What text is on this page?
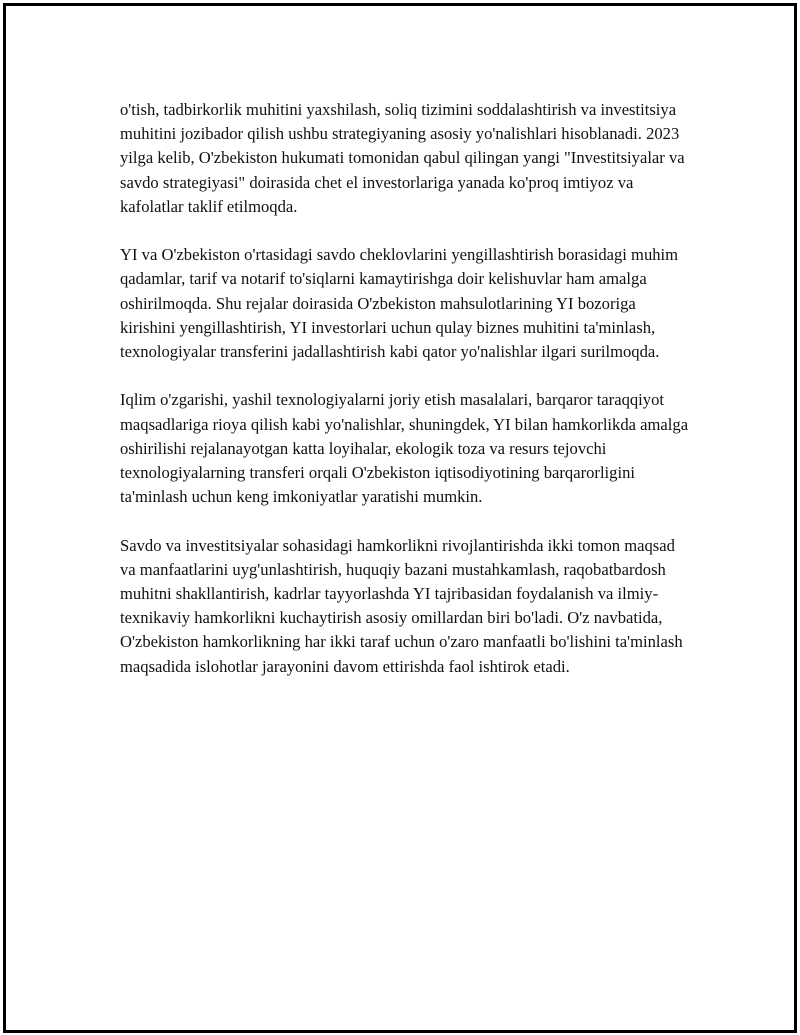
o'tish, tadbirkorlik muhitini yaxshilash, soliq tizimini soddalashtirish va investitsiya muhitini jozibador qilish ushbu strategiyaning asosiy yo'nalishlari hisoblanadi. 2023 yilga kelib, O'zbekiston hukumati tomonidan qabul qilingan yangi "Investitsiyalar va savdo strategiyasi" doirasida chet el investorlariga yanada ko'proq imtiyoz va kafolatlar taklif etilmoqda.

YI va O'zbekiston o'rtasidagi savdo cheklovlarini yengillashtirish borasidagi muhim qadamlar, tarif va notarif to'siqlarni kamaytirishga doir kelishuvlar ham amalga oshirilmoqda. Shu rejalar doirasida O'zbekiston mahsulotlarining YI bozoriga kirishini yengillashtirish, YI investorlari uchun qulay biznes muhitini ta'minlash, texnologiyalar transferini jadallashtirish kabi qator yo'nalishlar ilgari surilmoqda.

Iqlim o'zgarishi, yashil texnologiyalarni joriy etish masalalari, barqaror taraqqiyot maqsadlariga rioya qilish kabi yo'nalishlar, shuningdek, YI bilan hamkorlikda amalga oshirilishi rejalanayotgan katta loyihalar, ekologik toza va resurs tejovchi texnologiyalarning transferi orqali O'zbekiston iqtisodiyotining barqarorligini ta'minlash uchun keng imkoniyatlar yaratishi mumkin.

Savdo va investitsiyalar sohasidagi hamkorlikni rivojlantirishda ikki tomon maqsad va manfaatlarini uyg'unlashtirish, huquqiy bazani mustahkamlash, raqobatbardosh muhitni shakllantirish, kadrlar tayyorlashda YI tajribasidan foydalanish va ilmiy-texnikaviy hamkorlikni kuchaytirish asosiy omillardan biri bo'ladi. O'z navbatida, O'zbekiston hamkorlikning har ikki taraf uchun o'zaro manfaatli bo'lishini ta'minlash maqsadida islohotlar jarayonini davom ettirishda faol ishtirok etadi.
